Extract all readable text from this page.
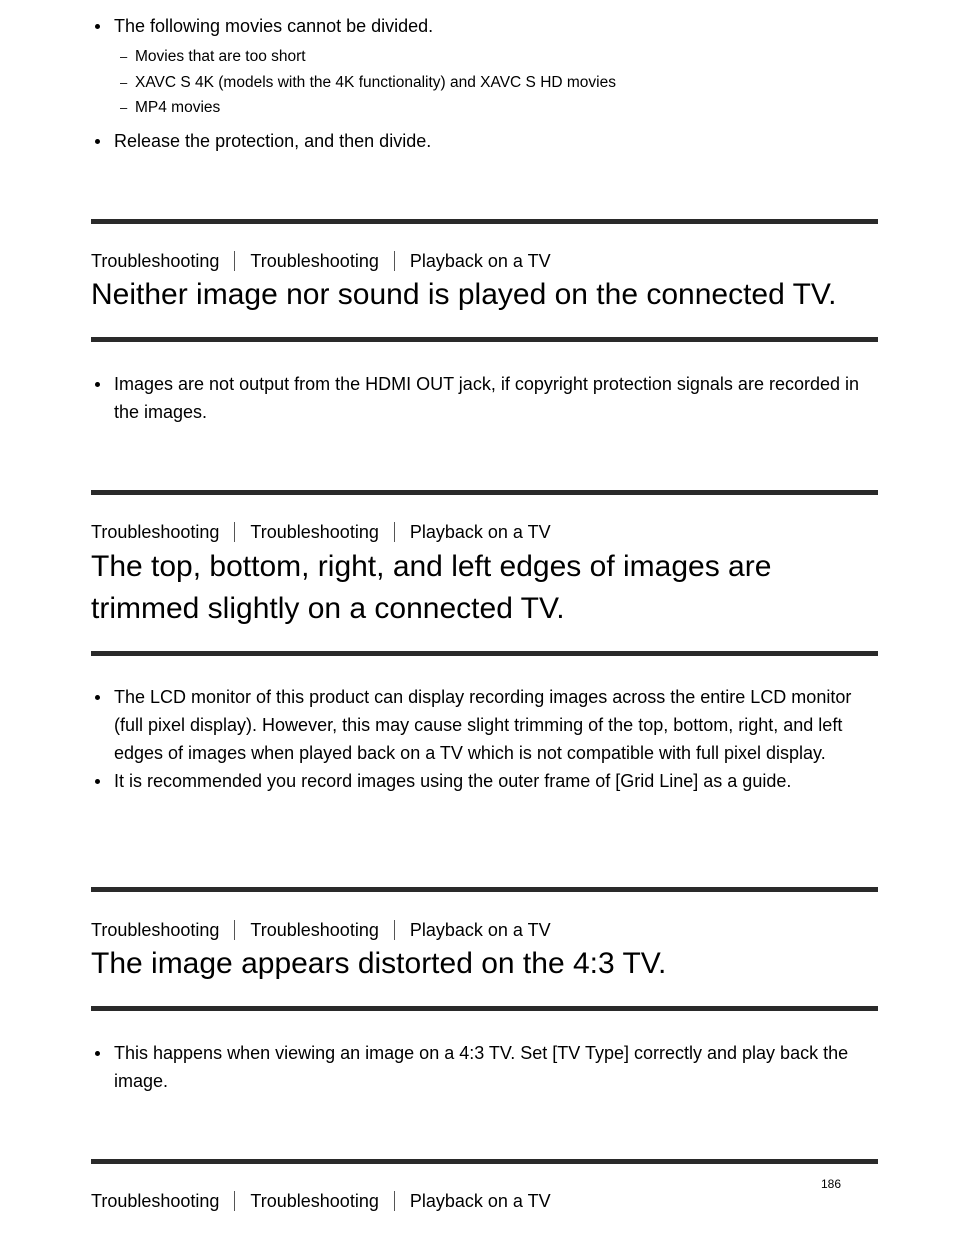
The following movies cannot be divided.
– Movies that are too short
– XAVC S 4K (models with the 4K functionality) and XAVC S HD movies
– MP4 movies
Release the protection, and then divide.
Troubleshooting Troubleshooting Playback on a TV
Neither image nor sound is played on the connected TV.
Images are not output from the HDMI OUT jack, if copyright protection signals are recorded in the images.
Troubleshooting Troubleshooting Playback on a TV
The top, bottom, right, and left edges of images are trimmed slightly on a connected TV.
The LCD monitor of this product can display recording images across the entire LCD monitor (full pixel display). However, this may cause slight trimming of the top, bottom, right, and left edges of images when played back on a TV which is not compatible with full pixel display.
It is recommended you record images using the outer frame of [Grid Line] as a guide.
Troubleshooting Troubleshooting Playback on a TV
The image appears distorted on the 4:3 TV.
This happens when viewing an image on a 4:3 TV. Set [TV Type] correctly and play back the image.
186
Troubleshooting Troubleshooting Playback on a TV
